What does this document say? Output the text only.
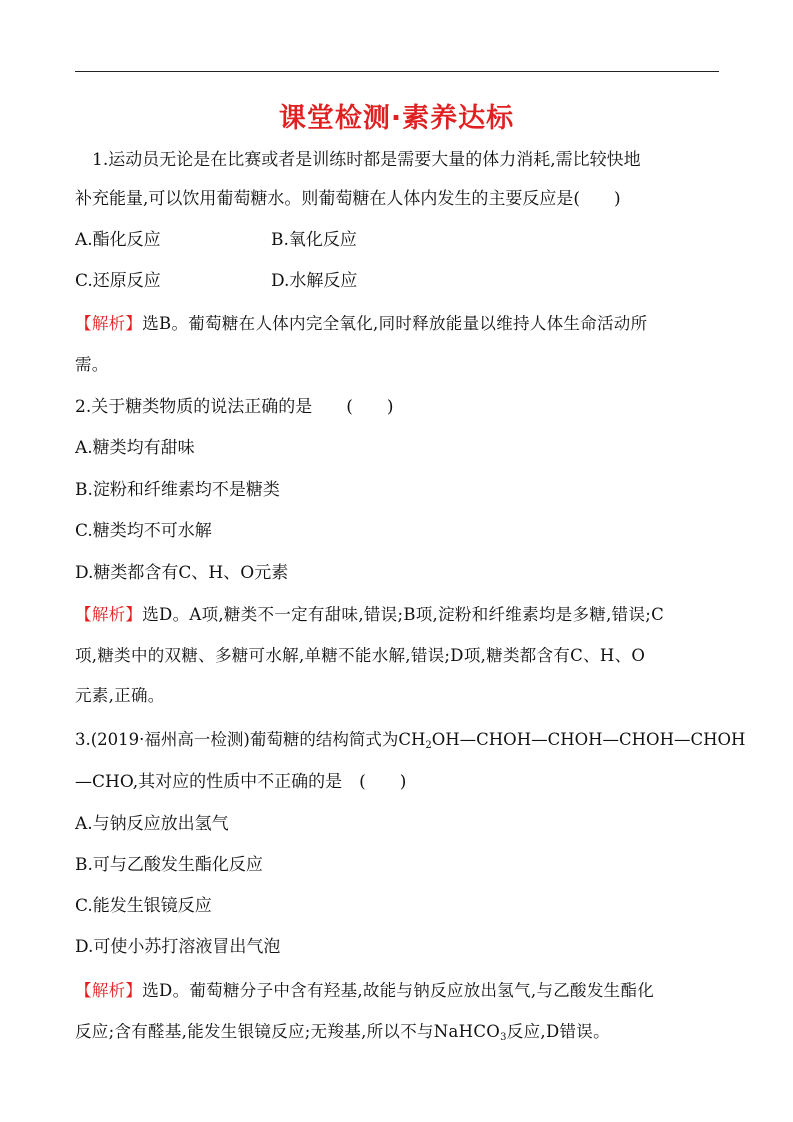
课堂检测·素养达标
1.运动员无论是在比赛或者是训练时都是需要大量的体力消耗,需比较快地
补充能量,可以饮用葡萄糖水。则葡萄糖在人体内发生的主要反应是(　　)
A.酯化反应	B.氧化反应
C.还原反应	D.水解反应
【解析】选B。葡萄糖在人体内完全氧化,同时释放能量以维持人体生命活动所
需。
2.关于糖类物质的说法正确的是　　(　　)
A.糖类均有甜味
B.淀粉和纤维素均不是糖类
C.糖类均不可水解
D.糖类都含有C、H、O元素
【解析】选D。A项,糖类不一定有甜味,错误;B项,淀粉和纤维素均是多糖,错误;C
项,糖类中的双糖、多糖可水解,单糖不能水解,错误;D项,糖类都含有C、H、O
元素,正确。
3.(2019·福州高一检测)葡萄糖的结构简式为$CH_2OH—CHOH—CHOH—CHOH—CHOH$
—CHO,其对应的性质中不正确的是　(　　)
A.与钠反应放出氢气
B.可与乙酸发生酯化反应
C.能发生银镜反应
D.可使小苏打溶液冒出气泡
【解析】选D。葡萄糖分子中含有羟基,故能与钠反应放出氢气,与乙酸发生酯化
反应;含有醛基,能发生银镜反应;无羧基,所以不与NaHCO$_3$反应,D错误。
